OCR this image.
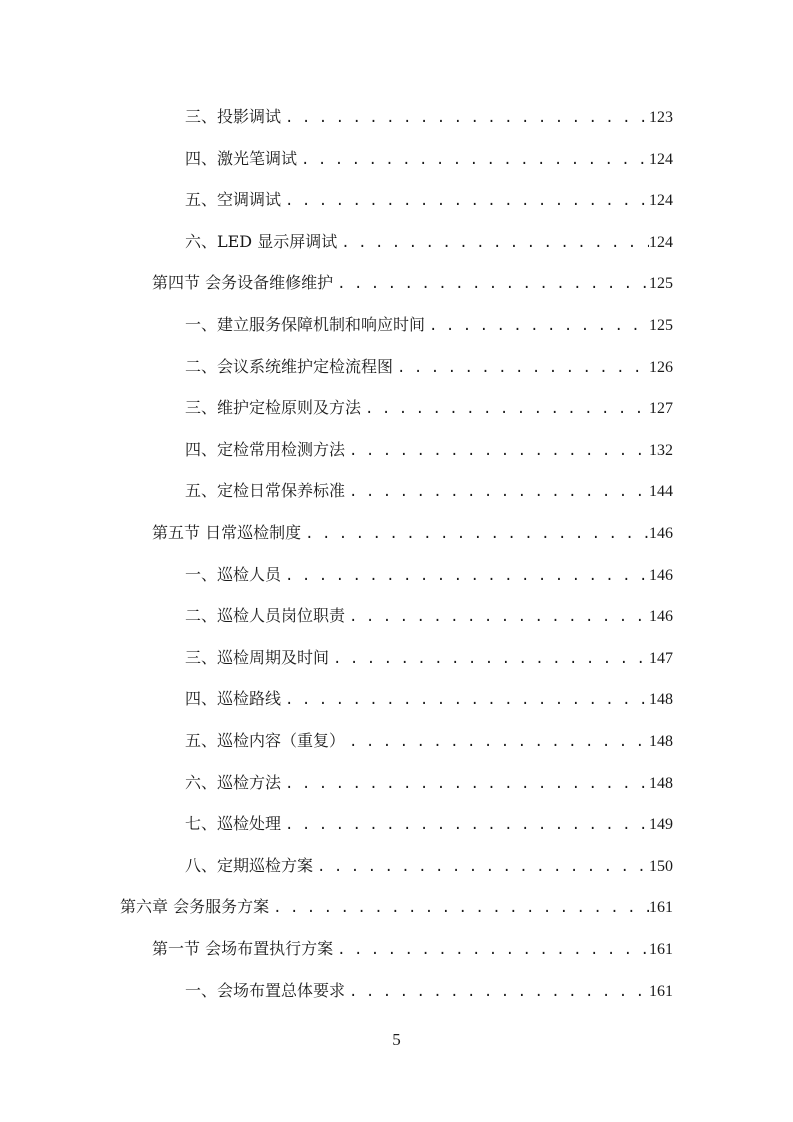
三、投影调试 . . .	123
四、激光笔调试 . . .	124
五、空调调试 . . .	124
六、LED 显示屏调试 . . .	124
第四节 会务设备维修维护 . . .	125
一、建立服务保障机制和响应时间 . . .	125
二、会议系统维护定检流程图 . . .	126
三、维护定检原则及方法 . . .	127
四、定检常用检测方法 . . .	132
五、定检日常保养标准 . . .	144
第五节 日常巡检制度 . . .	146
一、巡检人员 . . .	146
二、巡检人员岗位职责 . . .	146
三、巡检周期及时间 . . .	147
四、巡检路线 . . .	148
五、巡检内容（重复） . . .	148
六、巡检方法 . . .	148
七、巡检处理 . . .	149
八、定期巡检方案 . . .	150
第六章 会务服务方案 . . .	161
第一节 会场布置执行方案 . . .	161
一、会场布置总体要求 . . .	161
5
